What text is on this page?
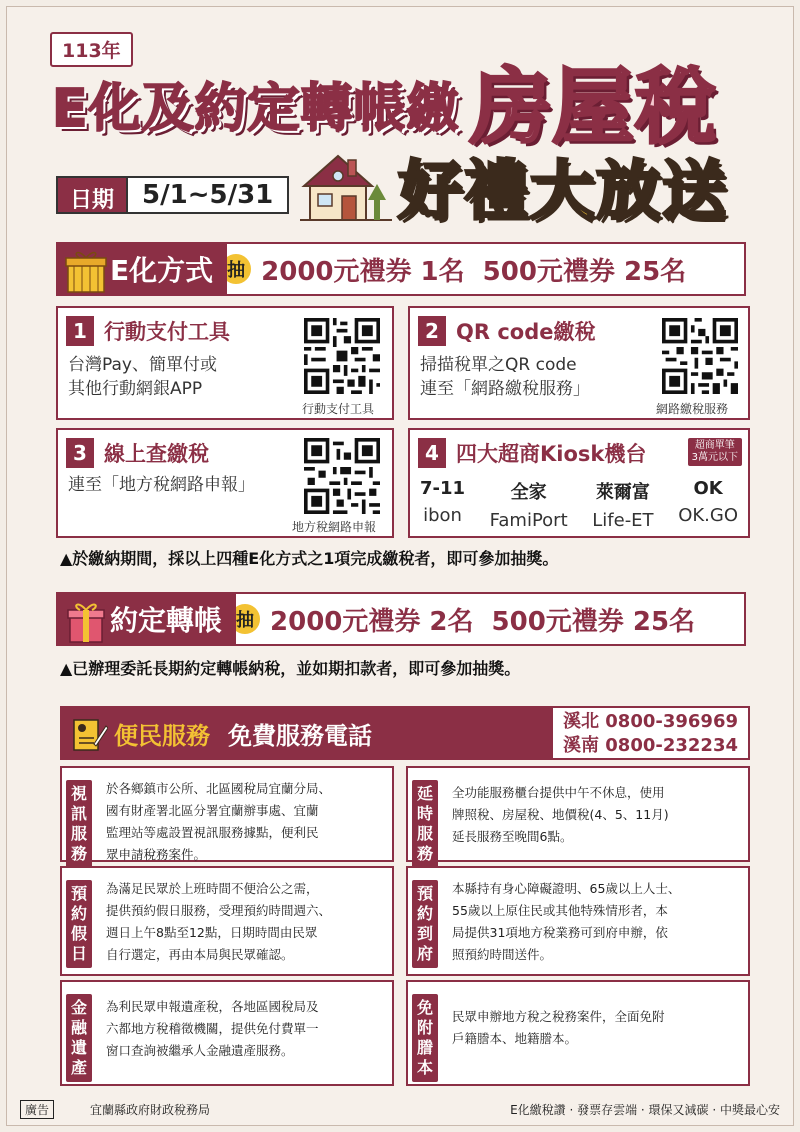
113年
E化及約定轉帳繳 房屋稅
日期	5/1~5/31 好禮大放送
E化方式 抽 2000元禮券 1名 500元禮券 25名
1 行動支付工具
台灣Pay、簡單付或
其他行動網銀APP
行動支付工具
2 QR code繳稅
掃描稅單之QR code
連至「網路繳稅服務」
網路繳稅服務
3 線上查繳稅
連至「地方稅網路申報」
地方稅網路申報
4 四大超商Kiosk機台	超商單筆
3萬元以下
7-11
ibon
全家
FamiPort
萊爾富
Life-ET
OK
OK.GO
▲於繳納期間，採以上四種E化方式之1項完成繳稅者，即可參加抽獎。
約定轉帳 抽 2000元禮券 2名 500元禮券 25名
▲已辦理委託長期約定轉帳納稅，並如期扣款者，即可參加抽獎。
便民服務 免費服務電話	溪北 0800-396969
溪南 0800-232234
視訊服務
於各鄉鎮市公所、北區國稅局宜蘭分局、
國有財產署北區分署宜蘭辦事處、宜蘭
監理站等處設置視訊服務據點，便利民
眾申請稅務案件。
延時服務
全功能服務櫃台提供中午不休息，使用
牌照稅、房屋稅、地價稅(4、5、11月)
延長服務至晚間6點。
預約假日
為滿足民眾於上班時間不便洽公之需，
提供預約假日服務，受理預約時間週六、
週日上午8點至12點，日期時間由民眾
自行選定，再由本局與民眾確認。
預約到府
本縣持有身心障礙證明、65歲以上人士、
55歲以上原住民或其他特殊情形者，本
局提供31項地方稅業務可到府申辦，依
照預約時間送件。
金融遺產
為利民眾申報遺產稅，各地區國稅局及
六都地方稅稽徵機關，提供免付費單一
窗口查詢被繼承人金融遺產服務。
免附謄本
民眾申辦地方稅之稅務案件，全面免附
戶籍謄本、地籍謄本。
廣告	宜蘭縣政府財政稅務局	E化繳稅讚 · 發票存雲端 · 環保又減碳 · 中獎最心安
